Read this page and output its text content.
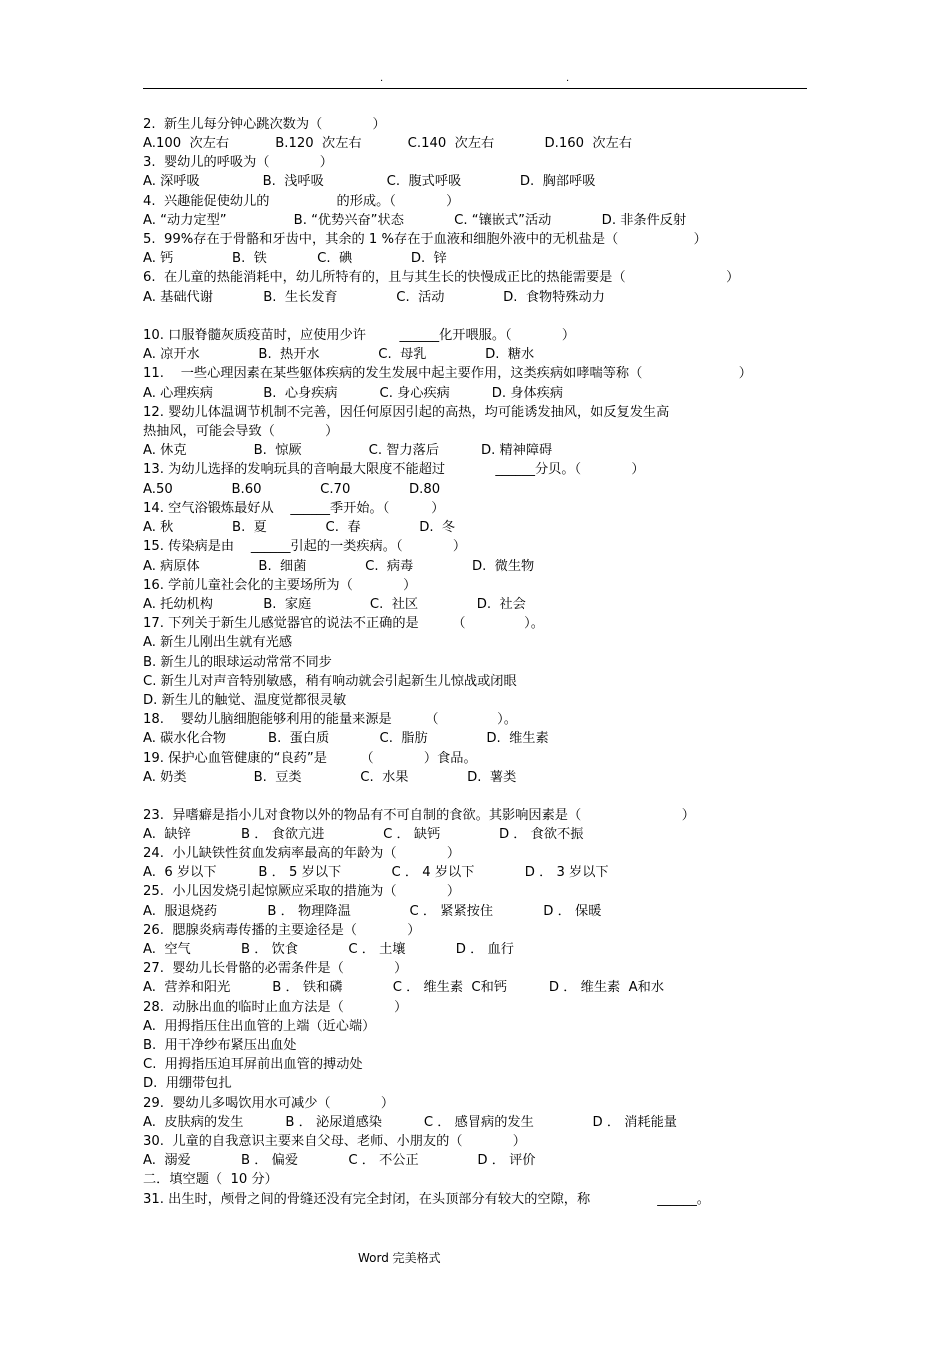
.	.
2.  新生儿每分钟心跳次数为（            ）
A.100  次左右           B.120  次左右           C.140  次左右            D.160  次左右
3.  婴幼儿的呼吸为（            ）
A. 深呼吸               B.  浅呼吸               C.  腹式呼吸              D.  胸部呼吸
4.  兴趣能促使幼儿的                的形成。（            ）
A. “动力定型”                B. “优势兴奋”状态            C. “镶嵌式”活动            D. 非条件反射
5.  99%存在于骨骼和牙齿中，其余的 1 %存在于血液和细胞外液中的无机盐是（                  ）
A. 钙              B.  铁            C.  碘              D.  锌
6.  在儿童的热能消耗中，幼儿所特有的，且与其生长的快慢成正比的热能需要是（                        ）
A. 基础代谢            B.  生长发育              C.  活动              D.  食物特殊动力
10. 口服脊髓灰质疫苗时，应使用少许        ______化开喂服。（            ）
A. 凉开水              B.  热开水              C.  母乳              D.  糖水
11.    一些心理因素在某些躯体疾病的发生发展中起主要作用，这类疾病如哮喘等称（                       ）
A. 心理疾病            B.  心身疾病          C. 身心疾病          D. 身体疾病
12. 婴幼儿体温调节机制不完善，因任何原因引起的高热，均可能诱发抽风，如反复发生高
热抽风，可能会导致（            ）
A. 休克                B.  惊厥                C. 智力落后          D. 精神障碍
13. 为幼儿选择的发响玩具的音响最大限度不能超过            ______分贝。（            ）
A.50              B.60              C.70              D.80
14. 空气浴锻炼最好从    ______季开始。（          ）
A. 秋              B.  夏              C.  春              D.  冬
15. 传染病是由    ______引起的一类疾病。（            ）
A. 病原体              B.  细菌              C.  病毒              D.  微生物
16. 学前儿童社会化的主要场所为（            ）
A. 托幼机构            B.  家庭              C.  社区              D.  社会
17. 下列关于新生儿感觉器官的说法不正确的是        （              ）。
A. 新生儿刚出生就有光感
B. 新生儿的眼球运动常常不同步
C. 新生儿对声音特别敏感，稍有响动就会引起新生儿惊战或闭眼
D. 新生儿的触觉、温度觉都很灵敏
18.    婴幼儿脑细胞能够利用的能量来源是        （              ）。
A. 碳水化合物          B.  蛋白质            C.  脂肪              D.  维生素
19. 保护心血管健康的“良药”是        （            ）食品。
A. 奶类                B.  豆类              C.  水果              D.  薯类
23.  异嗜癖是指小儿对食物以外的物品有不可自制的食欲。其影响因素是（                        ）
A.  缺锌            B ． 食欲亢进              C ． 缺钙              D ． 食欲不振
24.  小儿缺铁性贫血发病率最高的年龄为（            ）
A.  6 岁以下          B ． 5 岁以下            C ． 4 岁以下            D ． 3 岁以下
25.  小儿因发烧引起惊厥应采取的措施为（            ）
A.  服退烧药            B ． 物理降温              C ． 紧紧按住            D ． 保暖
26.  腮腺炎病毒传播的主要途径是（            ）
A.  空气            B ． 饮食            C ． 土壤            D ． 血行
27.  婴幼儿长骨骼的必需条件是（            ）
A.  营养和阳光          B ． 铁和磷            C ． 维生素  C和钙          D ． 维生素  A和水
28.  动脉出血的临时止血方法是（            ）
A.  用拇指压住出血管的上端（近心端）
B.  用干净纱布紧压出血处
C.  用拇指压迫耳屏前出血管的搏动处
D.  用绷带包扎
29.  婴幼儿多喝饮用水可减少（            ）
A.  皮肤病的发生          B ． 泌尿道感染          C ． 感冒病的发生              D ． 消耗能量
30.  儿童的自我意识主要来自父母、老师、小朋友的（            ）
A.  溺爱            B ． 偏爱            C ． 不公正              D ． 评价
二．填空题（  10 分）
31. 出生时，颅骨之间的骨缝还没有完全封闭，在头顶部分有较大的空隙，称                ______。
Word 完美格式
